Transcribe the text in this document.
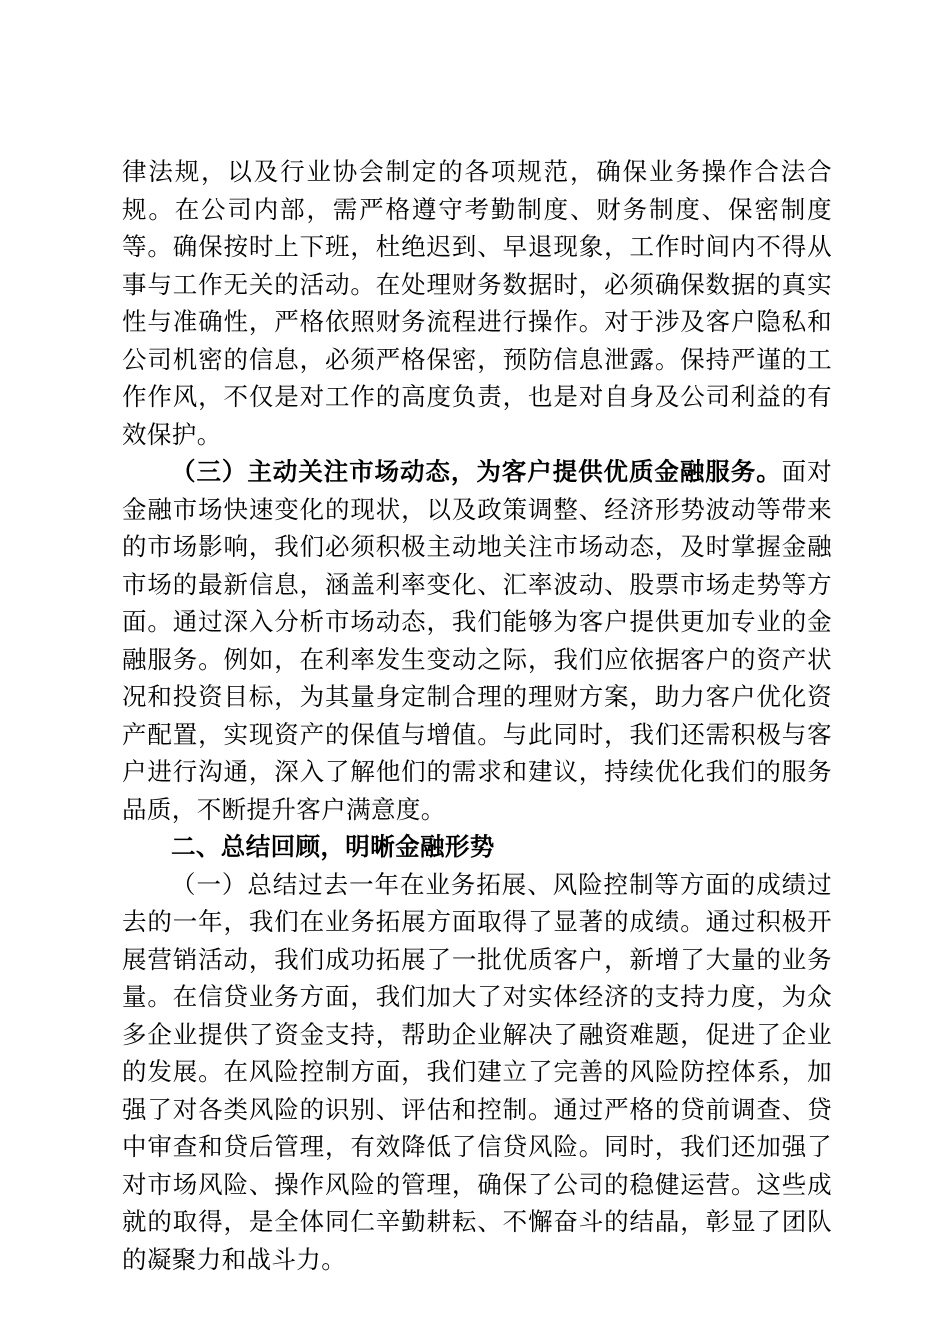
律法规，以及行业协会制定的各项规范，确保业务操作合法合规。在公司内部，需严格遵守考勤制度、财务制度、保密制度等。确保按时上下班，杜绝迟到、早退现象，工作时间内不得从事与工作无关的活动。在处理财务数据时，必须确保数据的真实性与准确性，严格依照财务流程进行操作。对于涉及客户隐私和公司机密的信息，必须严格保密，预防信息泄露。保持严谨的工作作风，不仅是对工作的高度负责，也是对自身及公司利益的有效保护。

（三）主动关注市场动态，为客户提供优质金融服务。面对金融市场快速变化的现状，以及政策调整、经济形势波动等带来的市场影响，我们必须积极主动地关注市场动态，及时掌握金融市场的最新信息，涵盖利率变化、汇率波动、股票市场走势等方面。通过深入分析市场动态，我们能够为客户提供更加专业的金融服务。例如，在利率发生变动之际，我们应依据客户的资产状况和投资目标，为其量身定制合理的理财方案，助力客户优化资产配置，实现资产的保值与增值。与此同时，我们还需积极与客户进行沟通，深入了解他们的需求和建议，持续优化我们的服务品质，不断提升客户满意度。

二、总结回顾，明晰金融形势

（一）总结过去一年在业务拓展、风险控制等方面的成绩过去的一年，我们在业务拓展方面取得了显著的成绩。通过积极开展营销活动，我们成功拓展了一批优质客户，新增了大量的业务量。在信贷业务方面，我们加大了对实体经济的支持力度，为众多企业提供了资金支持，帮助企业解决了融资难题，促进了企业的发展。在风险控制方面，我们建立了完善的风险防控体系，加强了对各类风险的识别、评估和控制。通过严格的贷前调查、贷中审查和贷后管理，有效降低了信贷风险。同时，我们还加强了对市场风险、操作风险的管理，确保了公司的稳健运营。这些成就的取得，是全体同仁辛勤耕耘、不懈奋斗的结晶，彰显了团队的凝聚力和战斗力。
